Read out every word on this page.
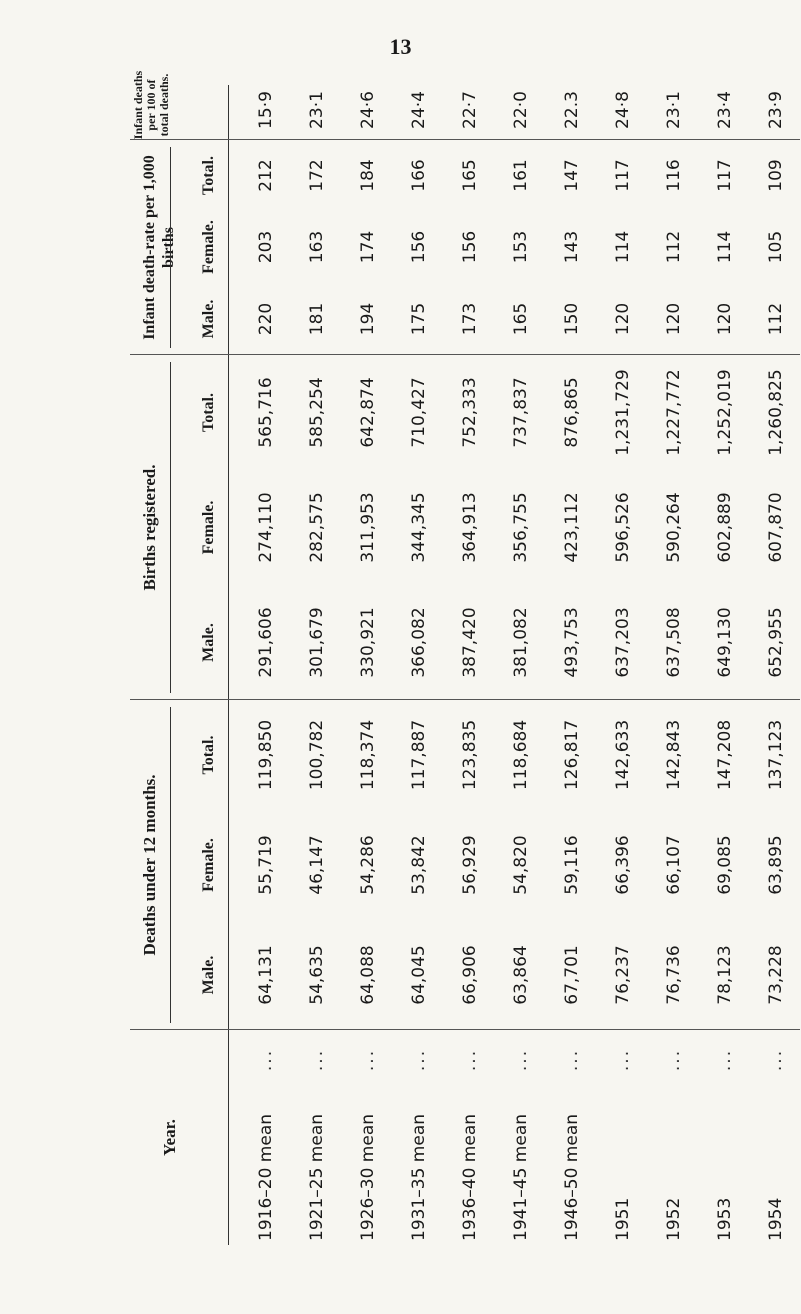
13
Year.
Deaths under 12 months.
Births registered.
Infant death-rate per 1,000 births
Infant deaths per 100 of total deaths.
Male.
Female.
Total.
Male.
Female.
Total.
Male.
Female.
Total.
1916–20 mean
...
64,131
55,719
119,850
291,606
274,110
565,716
220
203
212
15·9
1921–25 mean
...
54,635
46,147
100,782
301,679
282,575
585,254
181
163
172
23·1
1926–30 mean
...
64,088
54,286
118,374
330,921
311,953
642,874
194
174
184
24·6
1931–35 mean
...
64,045
53,842
117,887
366,082
344,345
710,427
175
156
166
24·4
1936–40 mean
...
66,906
56,929
123,835
387,420
364,913
752,333
173
156
165
22·7
1941–45 mean
...
63,864
54,820
118,684
381,082
356,755
737,837
165
153
161
22·0
1946–50 mean
...
67,701
59,116
126,817
493,753
423,112
876,865
150
143
147
22.3
1951
...
76,237
66,396
142,633
637,203
596,526
1,231,729
120
114
117
24·8
1952
...
76,736
66,107
142,843
637,508
590,264
1,227,772
120
112
116
23·1
1953
...
78,123
69,085
147,208
649,130
602,889
1,252,019
120
114
117
23·4
1954
...
73,228
63,895
137,123
652,955
607,870
1,260,825
112
105
109
23·9
